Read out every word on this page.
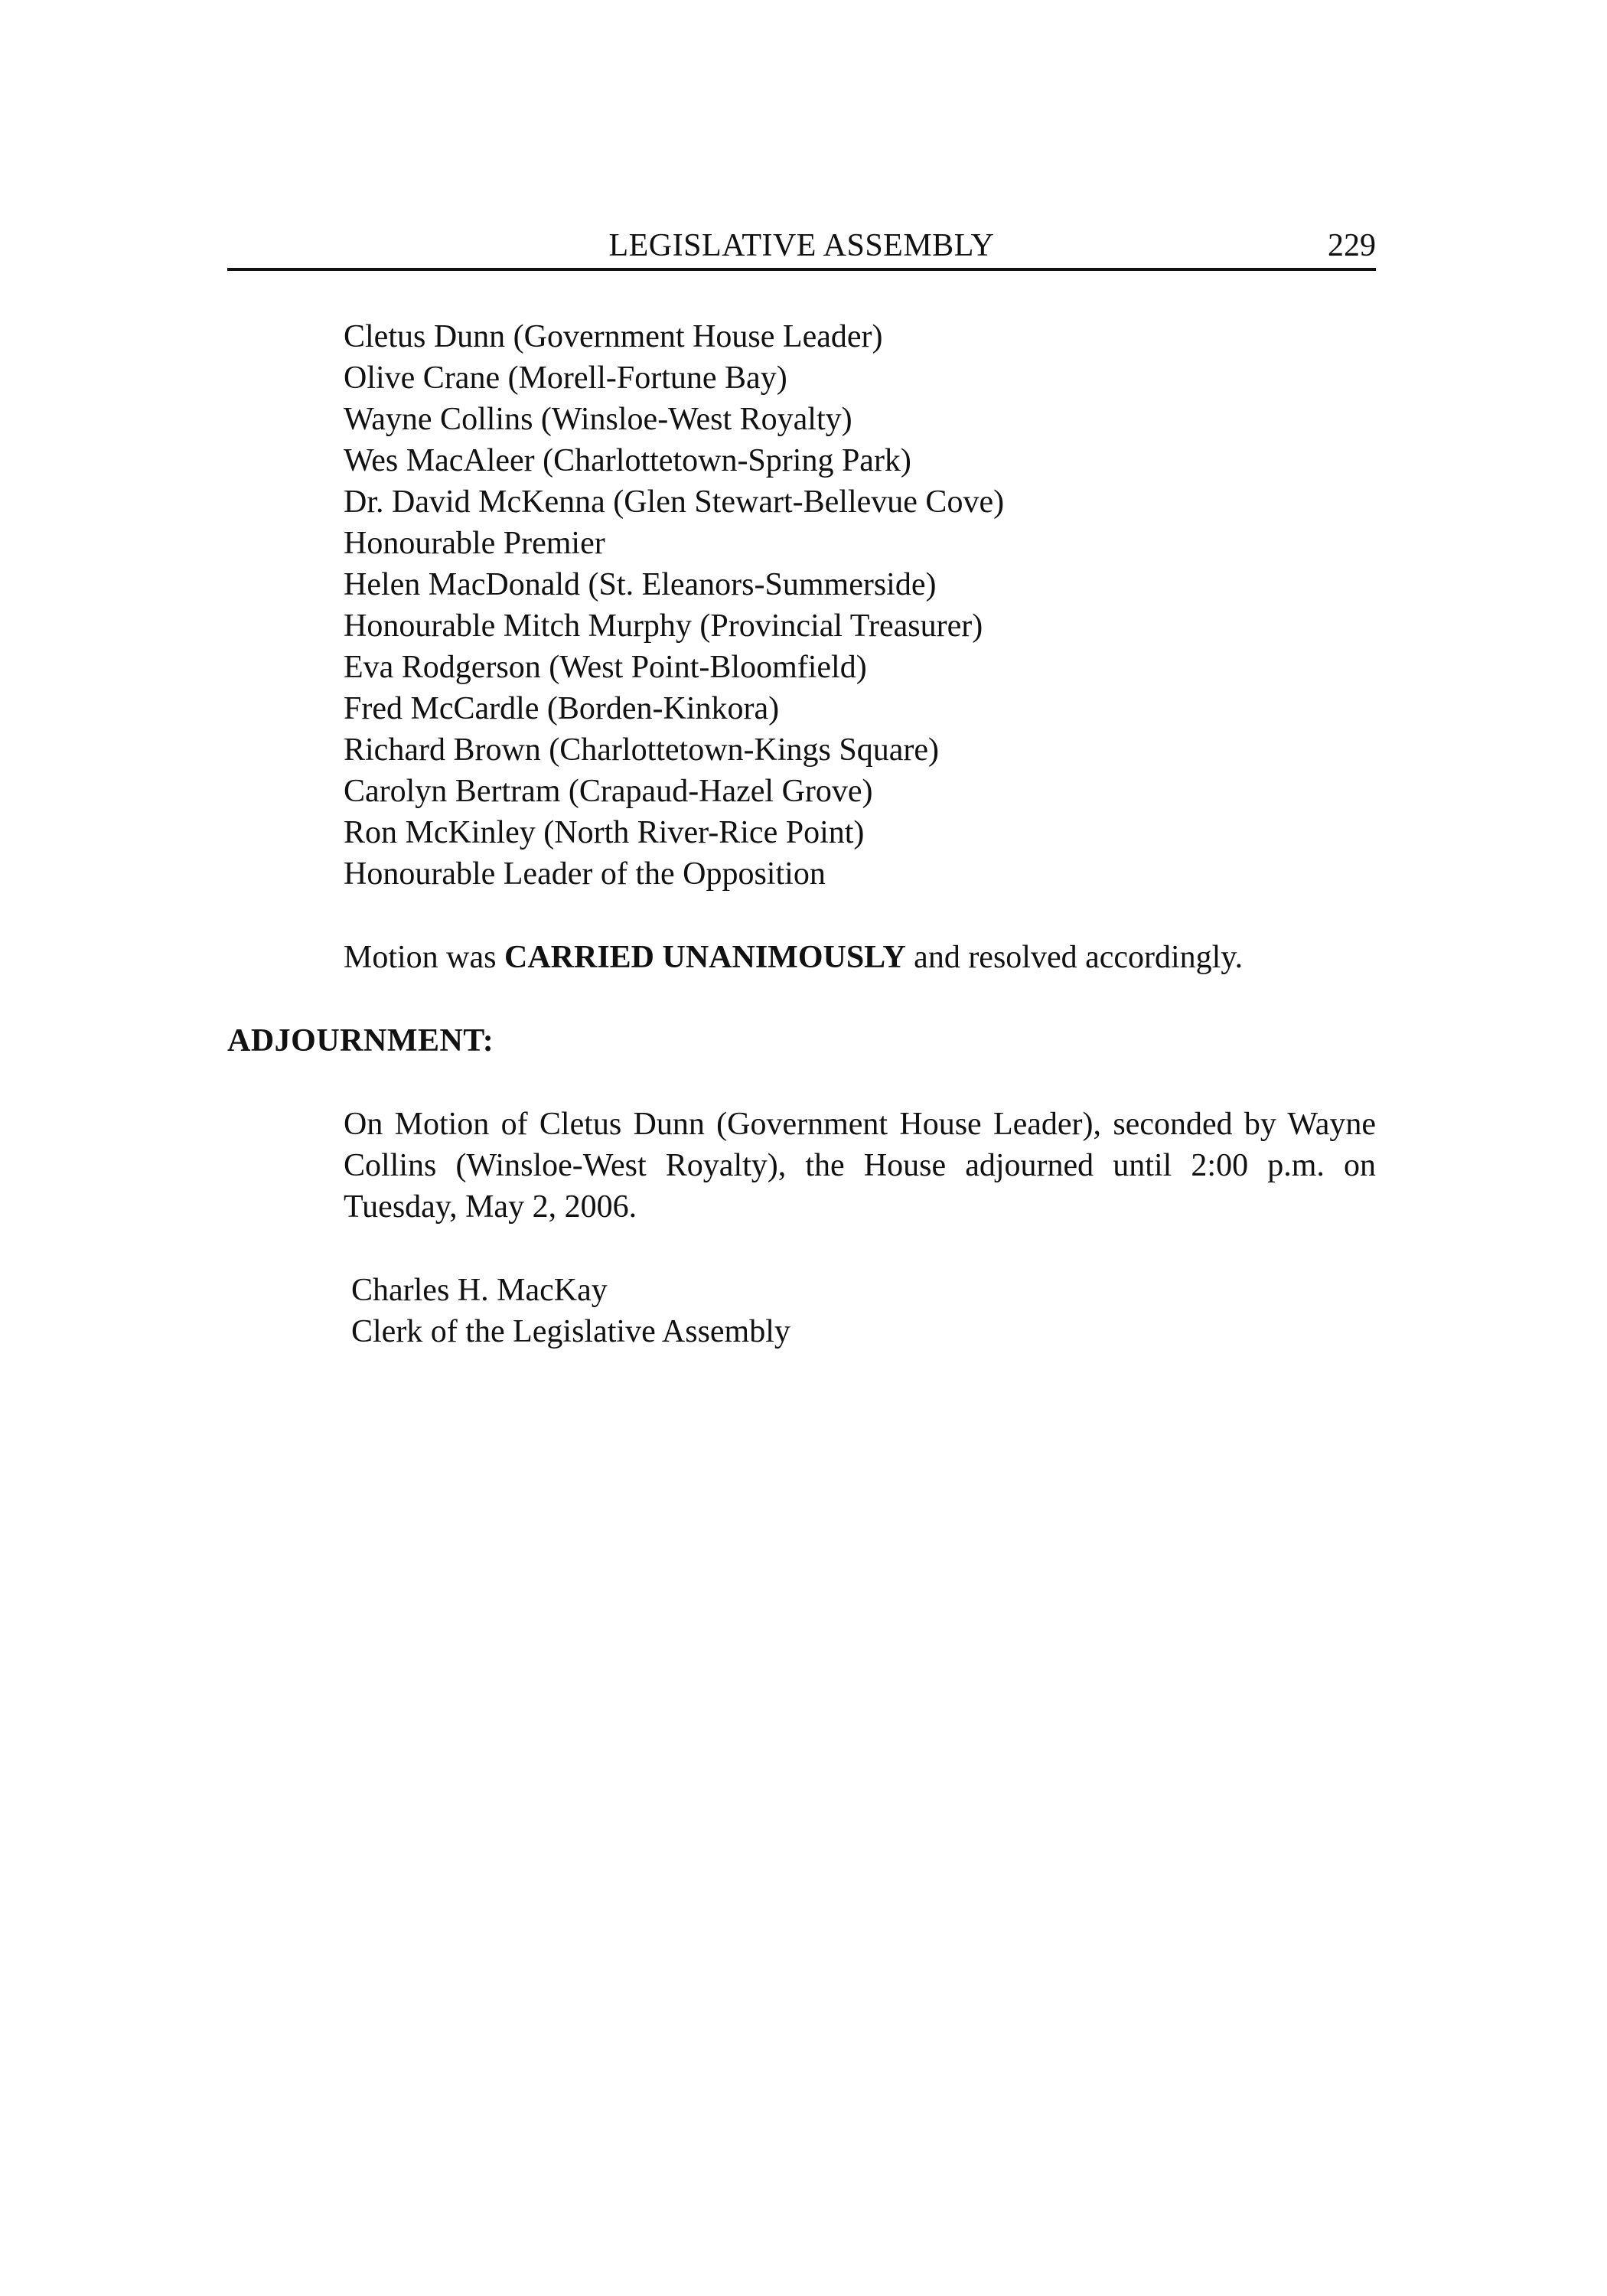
LEGISLATIVE ASSEMBLY	229
Cletus Dunn (Government House Leader)
Olive Crane (Morell-Fortune Bay)
Wayne Collins (Winsloe-West Royalty)
Wes MacAleer (Charlottetown-Spring Park)
Dr. David McKenna (Glen Stewart-Bellevue Cove)
Honourable Premier
Helen MacDonald (St. Eleanors-Summerside)
Honourable Mitch Murphy (Provincial Treasurer)
Eva Rodgerson (West Point-Bloomfield)
Fred McCardle (Borden-Kinkora)
Richard Brown (Charlottetown-Kings Square)
Carolyn Bertram (Crapaud-Hazel Grove)
Ron McKinley (North River-Rice Point)
Honourable Leader of the Opposition
Motion was CARRIED UNANIMOUSLY and resolved accordingly.
ADJOURNMENT:

On Motion of Cletus Dunn (Government House Leader), seconded by Wayne Collins (Winsloe-West Royalty), the House adjourned until 2:00 p.m. on Tuesday, May 2, 2006.

Charles H. MacKay
Clerk of the Legislative Assembly
